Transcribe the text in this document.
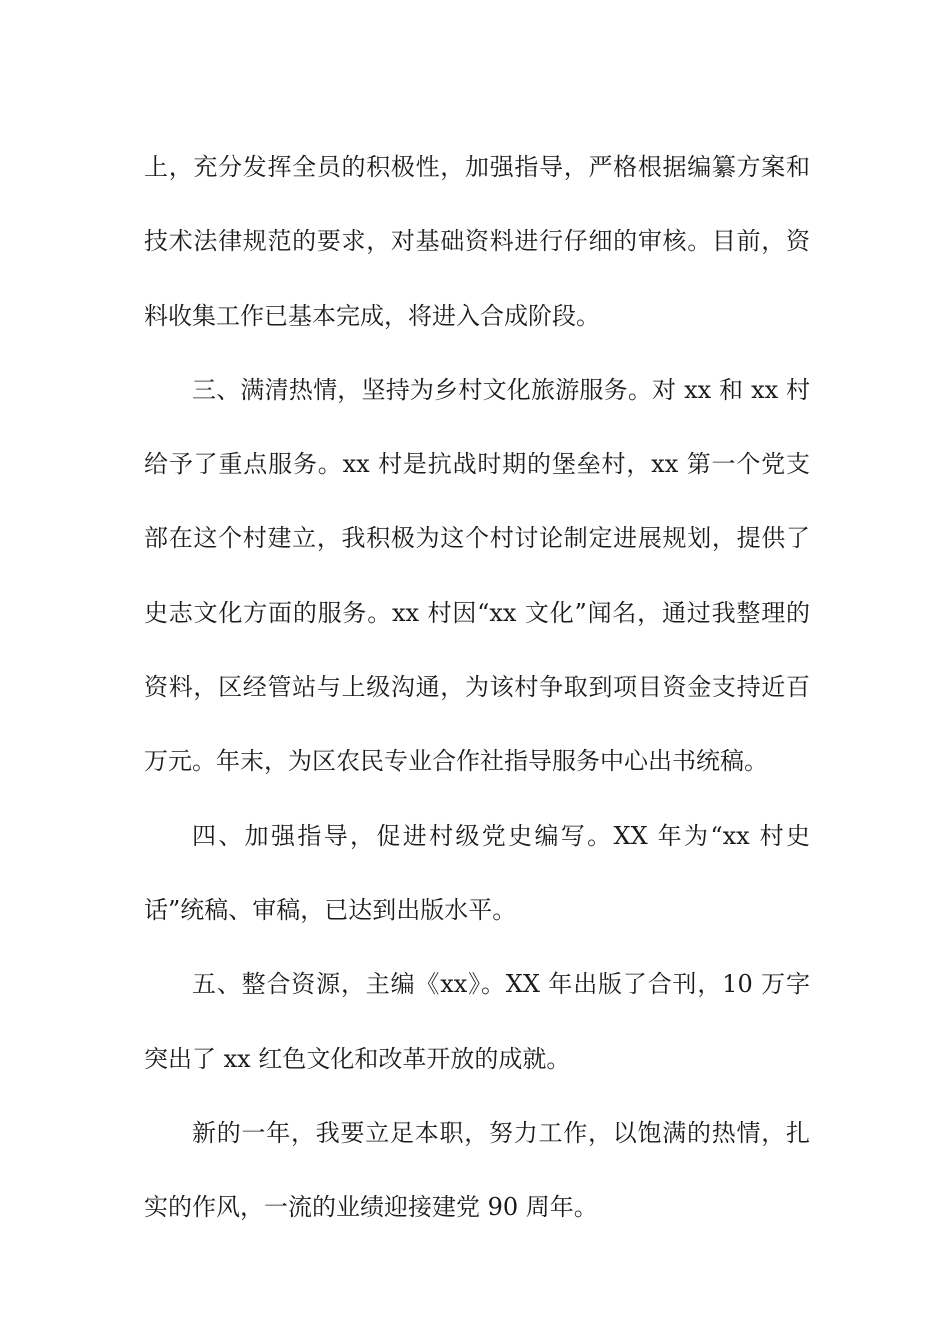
上，充分发挥全员的积极性，加强指导，严格根据编纂方案和技术法律规范的要求，对基础资料进行仔细的审核。目前，资料收集工作已基本完成，将进入合成阶段。

三、满清热情，坚持为乡村文化旅游服务。对 xx 和 xx 村给予了重点服务。xx 村是抗战时期的堡垒村，xx 第一个党支部在这个村建立，我积极为这个村讨论制定进展规划，提供了史志文化方面的服务。xx 村因“xx 文化”闻名，通过我整理的资料，区经管站与上级沟通，为该村争取到项目资金支持近百万元。年末，为区农民专业合作社指导服务中心出书统稿。

四、加强指导，促进村级党史编写。XX 年为“xx 村史话”统稿、审稿，已达到出版水平。

五、整合资源，主编《xx》。XX 年出版了合刊，10 万字突出了 xx 红色文化和改革开放的成就。

新的一年，我要立足本职，努力工作，以饱满的热情，扎实的作风，一流的业绩迎接建党 90 周年。
